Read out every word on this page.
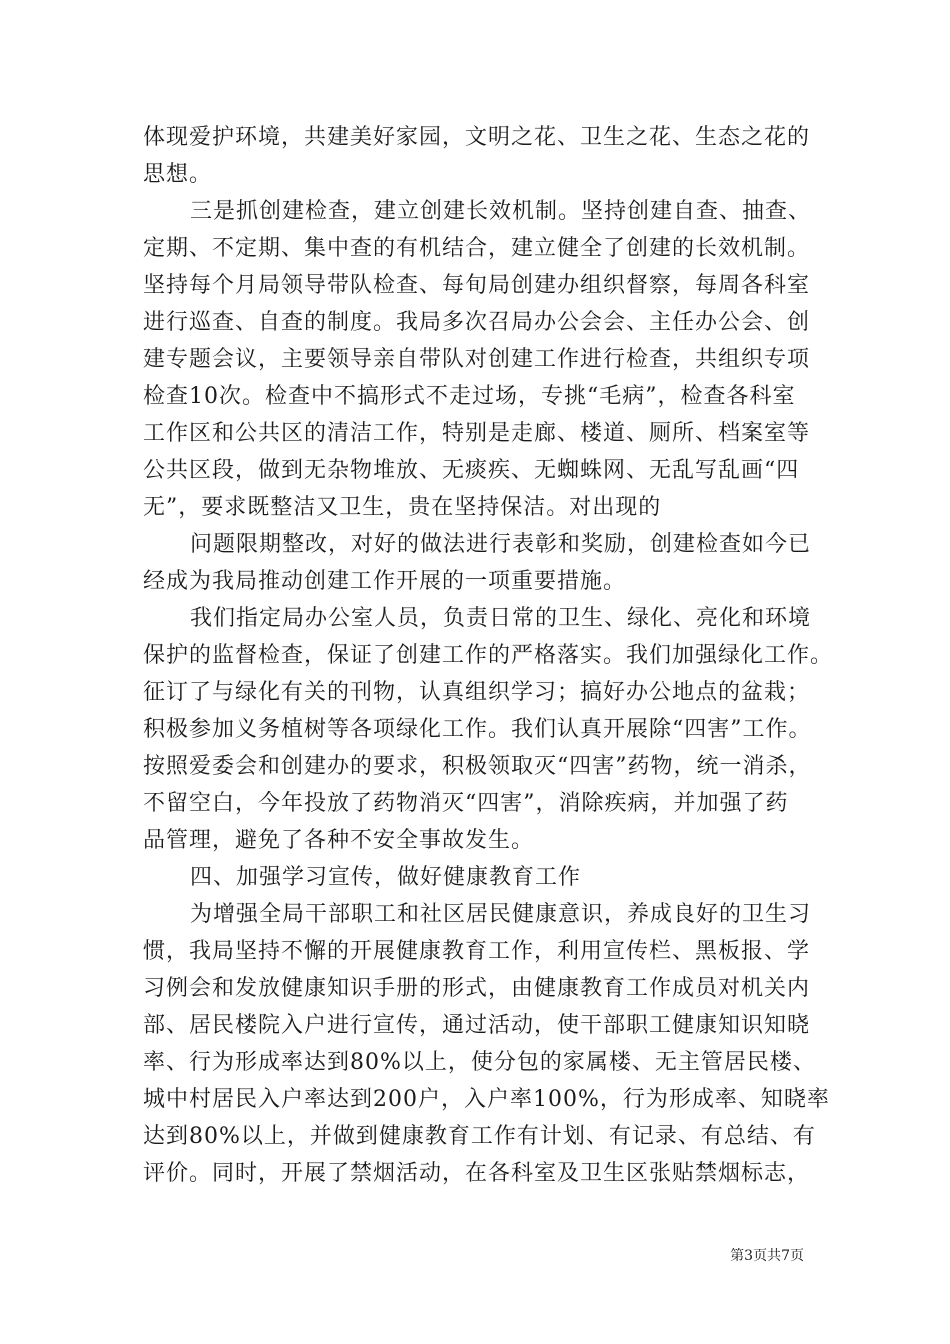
体现爱护环境，共建美好家园，文明之花、卫生之花、生态之花的
思想。
三是抓创建检查，建立创建长效机制。坚持创建自查、抽查、
定期、不定期、集中查的有机结合，建立健全了创建的长效机制。
坚持每个月局领导带队检查、每旬局创建办组织督察，每周各科室
进行巡查、自查的制度。我局多次召局办公会会、主任办公会、创
建专题会议，主要领导亲自带队对创建工作进行检查，共组织专项
检查10次。检查中不搞形式不走过场，专挑“毛病”，检查各科室
工作区和公共区的清洁工作，特别是走廊、楼道、厕所、档案室等
公共区段，做到无杂物堆放、无痰疾、无蜘蛛网、无乱写乱画“四
无”，要求既整洁又卫生，贵在坚持保洁。对出现的
问题限期整改，对好的做法进行表彰和奖励，创建检查如今已
经成为我局推动创建工作开展的一项重要措施。
我们指定局办公室人员，负责日常的卫生、绿化、亮化和环境
保护的监督检查，保证了创建工作的严格落实。我们加强绿化工作。
征订了与绿化有关的刊物，认真组织学习；搞好办公地点的盆栽；
积极参加义务植树等各项绿化工作。我们认真开展除“四害”工作。
按照爱委会和创建办的要求，积极领取灭“四害”药物，统一消杀，
不留空白，今年投放了药物消灭“四害”，消除疾病，并加强了药
品管理，避免了各种不安全事故发生。
四、加强学习宣传，做好健康教育工作
为增强全局干部职工和社区居民健康意识，养成良好的卫生习
惯，我局坚持不懈的开展健康教育工作，利用宣传栏、黑板报、学
习例会和发放健康知识手册的形式，由健康教育工作成员对机关内
部、居民楼院入户进行宣传，通过活动，使干部职工健康知识知晓
率、行为形成率达到80%以上，使分包的家属楼、无主管居民楼、
城中村居民入户率达到200户，入户率100%，行为形成率、知晓率
达到80%以上，并做到健康教育工作有计划、有记录、有总结、有
评价。同时，开展了禁烟活动，在各科室及卫生区张贴禁烟标志，
第3页共7页
